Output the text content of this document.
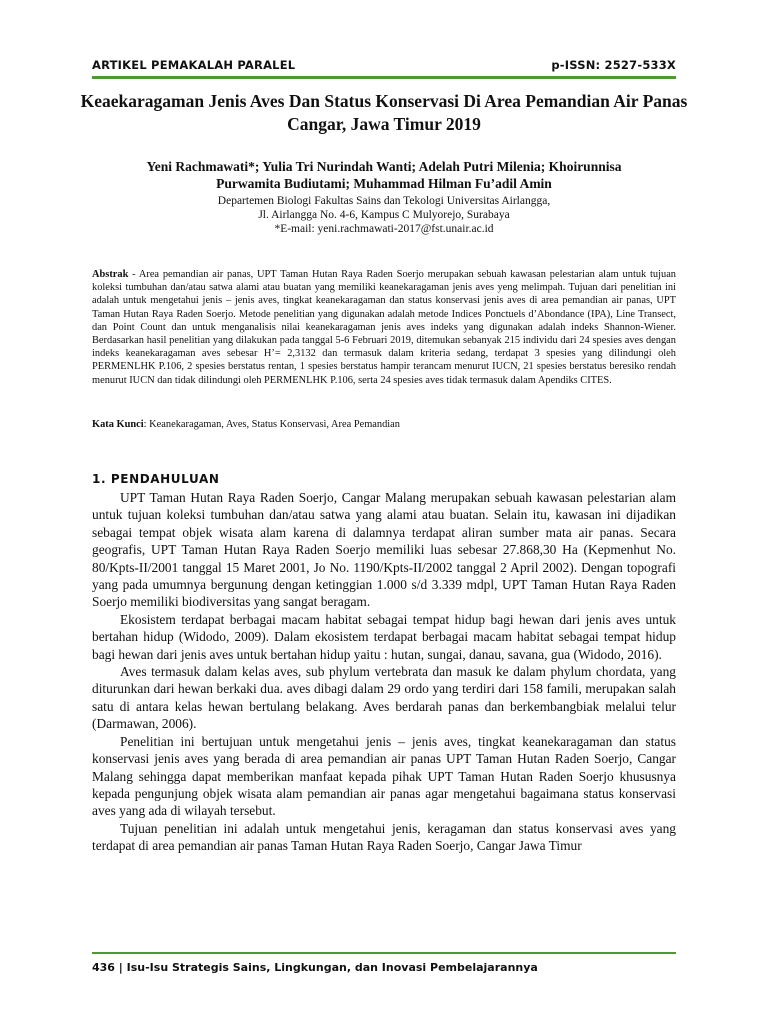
ARTIKEL PEMAKALAH PARALEL	p-ISSN: 2527-533X
Keaekaragaman Jenis Aves Dan Status Konservasi Di Area Pemandian Air Panas Cangar, Jawa Timur 2019
Yeni Rachmawati*; Yulia Tri Nurindah Wanti; Adelah Putri Milenia; Khoirunnisa
Purwamita Budiutami; Muhammad Hilman Fu’adil Amin
Departemen Biologi Fakultas Sains dan Tekologi Universitas Airlangga,
Jl. Airlangga No. 4-6, Kampus C Mulyorejo, Surabaya
*E-mail: yeni.rachmawati-2017@fst.unair.ac.id
Abstrak - Area pemandian air panas, UPT Taman Hutan Raya Raden Soerjo merupakan sebuah kawasan pelestarian alam untuk tujuan koleksi tumbuhan dan/atau satwa alami atau buatan yang memiliki keanekaragaman jenis aves yeng melimpah. Tujuan dari penelitian ini adalah untuk mengetahui jenis – jenis aves, tingkat keanekaragaman dan status konservasi jenis aves di area pemandian air panas, UPT Taman Hutan Raya Raden Soerjo. Metode penelitian yang digunakan adalah metode Indices Ponctuels d’Abondance (IPA), Line Transect, dan Point Count dan untuk menganalisis nilai keanekaragaman jenis aves indeks yang digunakan adalah indeks Shannon-Wiener. Berdasarkan hasil penelitian yang dilakukan pada tanggal 5-6 Februari 2019, ditemukan sebanyak 215 individu dari 24 spesies aves dengan indeks keanekaragaman aves sebesar H’= 2,3132 dan termasuk dalam kriteria sedang, terdapat 3 spesies yang dilindungi oleh PERMENLHK P.106, 2 spesies berstatus rentan, 1 spesies berstatus hampir terancam menurut IUCN, 21 spesies berstatus beresiko rendah menurut IUCN dan tidak dilindungi oleh PERMENLHK P.106, serta 24 spesies aves tidak termasuk dalam Apendiks CITES.
Kata Kunci: Keanekaragaman, Aves, Status Konservasi, Area Pemandian
1. PENDAHULUAN

UPT Taman Hutan Raya Raden Soerjo, Cangar Malang merupakan sebuah kawasan pelestarian alam untuk tujuan koleksi tumbuhan dan/atau satwa yang alami atau buatan. Selain itu, kawasan ini dijadikan sebagai tempat objek wisata alam karena di dalamnya terdapat aliran sumber mata air panas. Secara geografis, UPT Taman Hutan Raya Raden Soerjo memiliki luas sebesar 27.868,30 Ha (Kepmenhut No. 80/Kpts-II/2001 tanggal 15 Maret 2001, Jo No. 1190/Kpts-II/2002 tanggal 2 April 2002). Dengan topografi yang pada umumnya bergunung dengan ketinggian 1.000 s/d 3.339 mdpl, UPT Taman Hutan Raya Raden Soerjo memiliki biodiversitas yang sangat beragam.

Ekosistem terdapat berbagai macam habitat sebagai tempat hidup bagi hewan dari jenis aves untuk bertahan hidup (Widodo, 2009). Dalam ekosistem terdapat berbagai macam habitat sebagai tempat hidup bagi hewan dari jenis aves untuk bertahan hidup yaitu : hutan, sungai, danau, savana, gua (Widodo, 2016).

Aves termasuk dalam kelas aves, sub phylum vertebrata dan masuk ke dalam phylum chordata, yang diturunkan dari hewan berkaki dua. aves dibagi dalam 29 ordo yang terdiri dari 158 famili, merupakan salah satu di antara kelas hewan bertulang belakang. Aves berdarah panas dan berkembangbiak melalui telur (Darmawan, 2006).

Penelitian ini bertujuan untuk mengetahui jenis – jenis aves, tingkat keanekaragaman dan status konservasi jenis aves yang berada di area pemandian air panas UPT Taman Hutan Raden Soerjo, Cangar Malang sehingga dapat memberikan manfaat kepada pihak UPT Taman Hutan Raden Soerjo khususnya kepada pengunjung objek wisata alam pemandian air panas agar mengetahui bagaimana status konservasi aves yang ada di wilayah tersebut.

Tujuan penelitian ini adalah untuk mengetahui jenis, keragaman dan status konservasi aves yang terdapat di area pemandian air panas Taman Hutan Raya Raden Soerjo, Cangar Jawa Timur

436 | Isu-Isu Strategis Sains, Lingkungan, dan Inovasi Pembelajarannya
